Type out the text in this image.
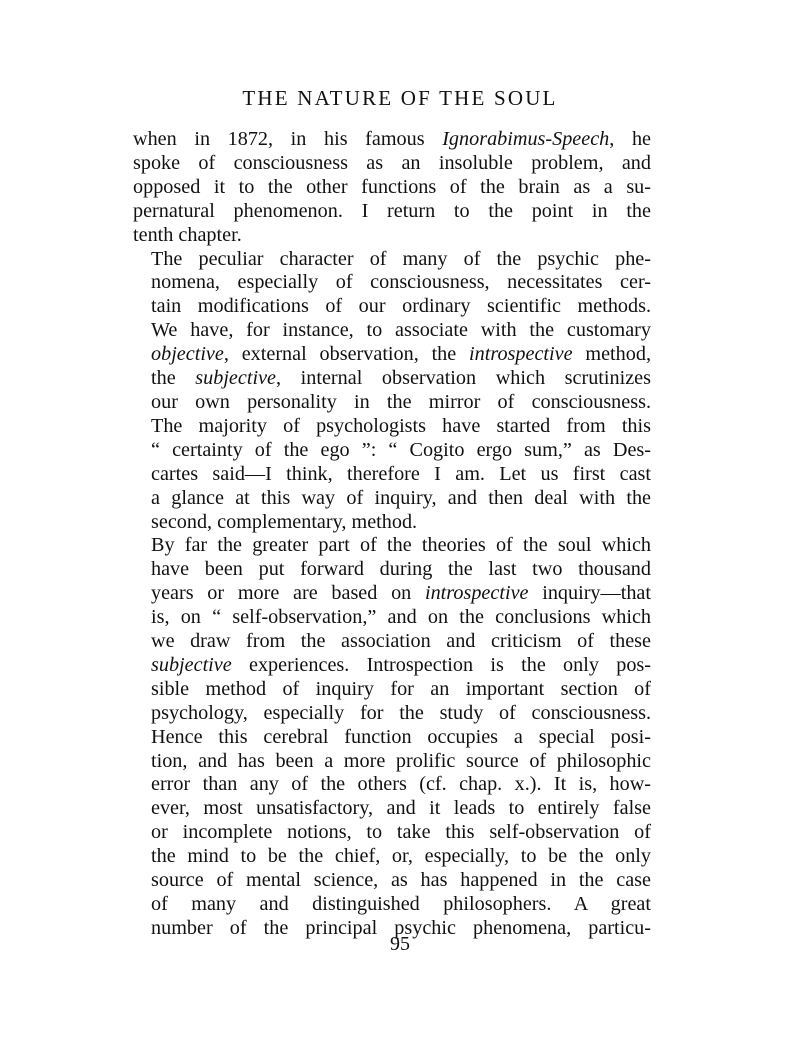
THE NATURE OF THE SOUL

when in 1872, in his famous Ignorabimus-Speech, he
spoke of consciousness as an insoluble problem, and
opposed it to the other functions of the brain as a su-
pernatural phenomenon. I return to the point in the
tenth chapter.

The peculiar character of many of the psychic phe-
nomena, especially of consciousness, necessitates cer-
tain modifications of our ordinary scientific methods.
We have, for instance, to associate with the customary
objective, external observation, the introspective method,
the subjective, internal observation which scrutinizes
our own personality in the mirror of consciousness.
The majority of psychologists have started from this
“ certainty of the ego ”: “ Cogito ergo sum,” as Des-
cartes said—I think, therefore I am. Let us first cast
a glance at this way of inquiry, and then deal with the
second, complementary, method.

By far the greater part of the theories of the soul which
have been put forward during the last two thousand
years or more are based on introspective inquiry—that
is, on “ self-observation,” and on the conclusions which
we draw from the association and criticism of these
subjective experiences. Introspection is the only pos-
sible method of inquiry for an important section of
psychology, especially for the study of consciousness.
Hence this cerebral function occupies a special posi-
tion, and has been a more prolific source of philosophic
error than any of the others (cf. chap. x.). It is, how-
ever, most unsatisfactory, and it leads to entirely false
or incomplete notions, to take this self-observation of
the mind to be the chief, or, especially, to be the only
source of mental science, as has happened in the case
of many and distinguished philosophers. A great
number of the principal psychic phenomena, particu-

95
